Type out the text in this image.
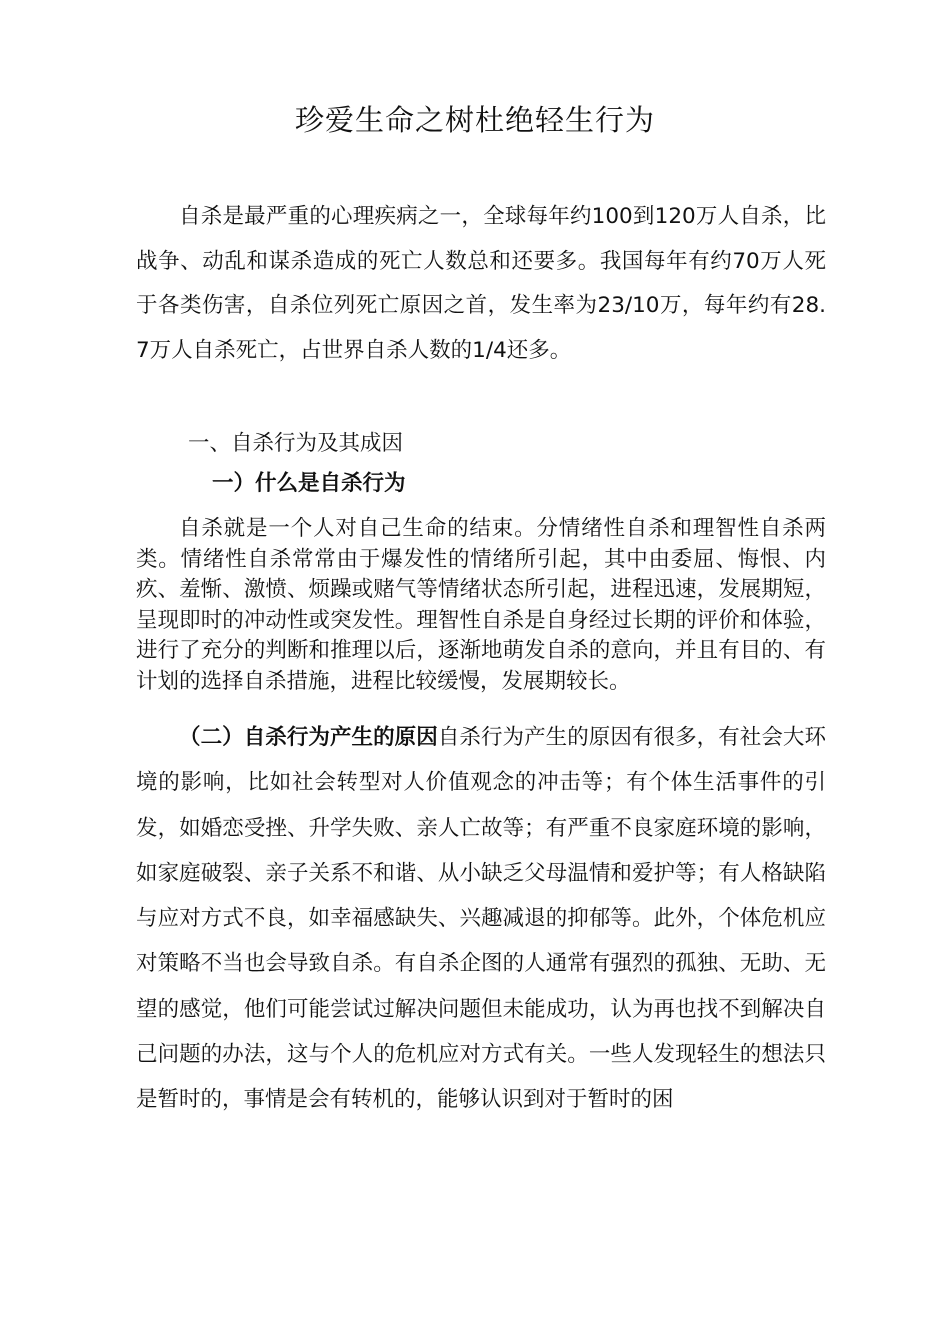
珍爱生命之树杜绝轻生行为

自杀是最严重的心理疾病之一，全球每年约100到120万人自杀，比战争、动乱和谋杀造成的死亡人数总和还要多。我国每年有约70万人死于各类伤害，自杀位列死亡原因之首，发生率为23/10万，每年约有28.7万人自杀死亡，占世界自杀人数的1/4还多。

一、自杀行为及其成因
一）什么是自杀行为

自杀就是一个人对自己生命的结束。分情绪性自杀和理智性自杀两类。情绪性自杀常常由于爆发性的情绪所引起，其中由委屈、悔恨、内疚、羞惭、激愤、烦躁或赌气等情绪状态所引起，进程迅速，发展期短，呈现即时的冲动性或突发性。理智性自杀是自身经过长期的评价和体验，进行了充分的判断和推理以后，逐渐地萌发自杀的意向，并且有目的、有计划的选择自杀措施，进程比较缓慢，发展期较长。

（二）自杀行为产生的原因自杀行为产生的原因有很多，有社会大环境的影响，比如社会转型对人价值观念的冲击等；有个体生活事件的引发，如婚恋受挫、升学失败、亲人亡故等；有严重不良家庭环境的影响，如家庭破裂、亲子关系不和谐、从小缺乏父母温情和爱护等；有人格缺陷与应对方式不良，如幸福感缺失、兴趣减退的抑郁等。此外，个体危机应对策略不当也会导致自杀。有自杀企图的人通常有强烈的孤独、无助、无望的感觉，他们可能尝试过解决问题但未能成功，认为再也找不到解决自己问题的办法，这与个人的危机应对方式有关。一些人发现轻生的想法只是暂时的，事情是会有转机的，能够认识到对于暂时的困
